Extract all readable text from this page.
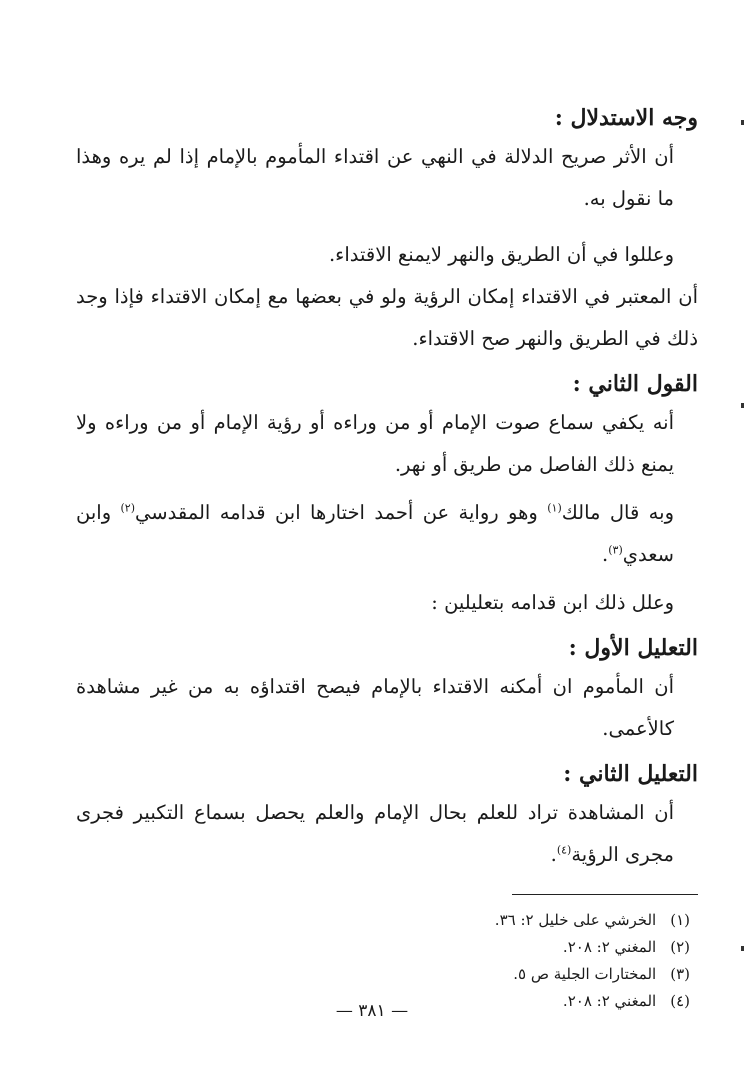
وجه الاستدلال :

أن الأثر صريح الدلالة في النهي عن اقتداء المأموم بالإمام إذا لم يره وهذا ما نقول به.

وعللوا في أن الطريق والنهر لايمنع الاقتداء.

أن المعتبر في الاقتداء إمكان الرؤية ولو في بعضها مع إمكان الاقتداء فإذا وجد ذلك في الطريق والنهر صح الاقتداء.

القول الثاني :

أنه يكفي سماع صوت الإمام أو من وراءه أو رؤية الإمام أو من وراءه ولا يمنع ذلك الفاصل من طريق أو نهر.

وبه قال مالك$^{(١)}$ وهو رواية عن أحمد اختارها ابن قدامه المقدسي$^{(٢)}$ وابن سعدي$^{(٣)}$.

وعلل ذلك ابن قدامه بتعليلين :

التعليل الأول :

أن المأموم ان أمكنه الاقتداء بالإمام فيصح اقتداؤه به من غير مشاهدة كالأعمى.

التعليل الثاني :

أن المشاهدة تراد للعلم بحال الإمام والعلم يحصل بسماع التكبير فجرى مجرى الرؤية$^{(٤)}$.

(١)الخرشي على خليل ٢: ٣٦.
(٢)المغني ٢: ٢٠٨.
(٣)المختارات الجلية ص ٥.
(٤)المغني ٢: ٢٠٨.
— ٣٨١ —
